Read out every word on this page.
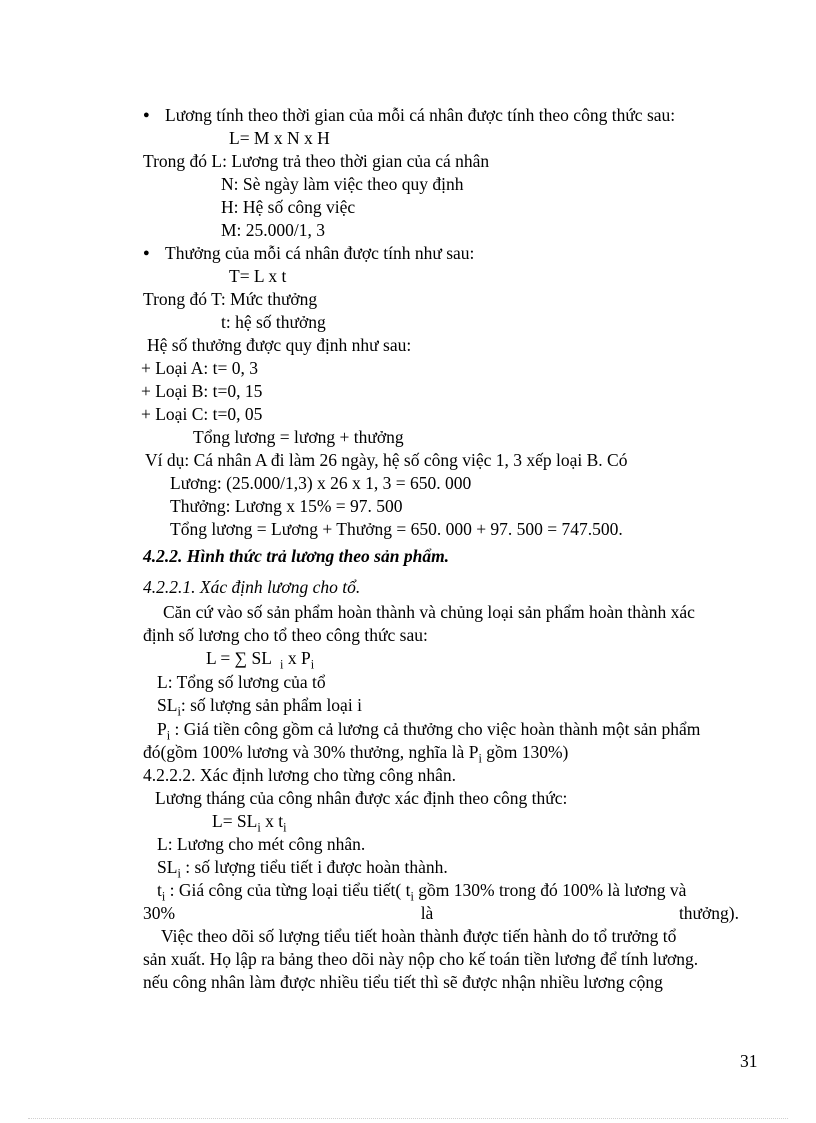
● Lương tính theo thời gian của mỗi cá nhân được tính theo công thức sau:
L= M x N x H
Trong đó L: Lương trả theo thời gian của cá nhân
N: Sè ngày làm việc theo quy định
H: Hệ số công việc
M: 25.000/1, 3
● Thưởng của mỗi cá nhân được tính như sau:
T= L x t
Trong đó T: Mức thưởng
t: hệ số thưởng
Hệ số thưởng được quy định như sau:
+ Loại A: t= 0, 3
+ Loại B: t=0, 15
+ Loại C: t=0, 05
Tổng lương = lương + thưởng
Ví dụ: Cá nhân A đi làm 26 ngày, hệ số công việc 1, 3 xếp loại B. Có
Lương: (25.000/1,3) x 26 x 1, 3 = 650. 000
Thưởng: Lương x 15% = 97. 500
Tổng lương = Lương + Thưởng = 650. 000 + 97. 500 = 747.500.
4.2.2. Hình thức trả lương theo sản phẩm.
4.2.2.1. Xác định lương cho tổ.
Căn cứ vào số sản phẩm hoàn thành và chủng loại sản phẩm hoàn thành xác
định số lương cho tổ theo công thức sau:
L = ∑ SL $_i$ x $P_i$
L: Tổng số lương của tổ
$SL_i$: số lượng sản phẩm loại i
$P_i$ : Giá tiền công gồm cả lương cả thưởng cho việc hoàn thành một sản phẩm
đó(gồm 100% lương và 30% thưởng, nghĩa là $P_i$ gồm 130%)
4.2.2.2. Xác định lương cho từng công nhân.
Lương tháng của công nhân được xác định theo công thức:
$L= SL_i$ x $t_i$
L: Lương cho mét công nhân.
$SL_i$ : số lượng tiểu tiết i được hoàn thành.
$t_i$ : Giá công của từng loại tiểu tiết( $t_i$ gồm 130% trong đó 100% là lương và
30%	là	thưởng).
Việc theo dõi số lượng tiểu tiết hoàn thành được tiến hành do tổ trưởng tổ
sản xuất. Họ lập ra bảng theo dõi này nộp cho kế toán tiền lương để tính lương.
nếu công nhân làm được nhiều tiểu tiết thì sẽ được nhận nhiều lương cộng
31
